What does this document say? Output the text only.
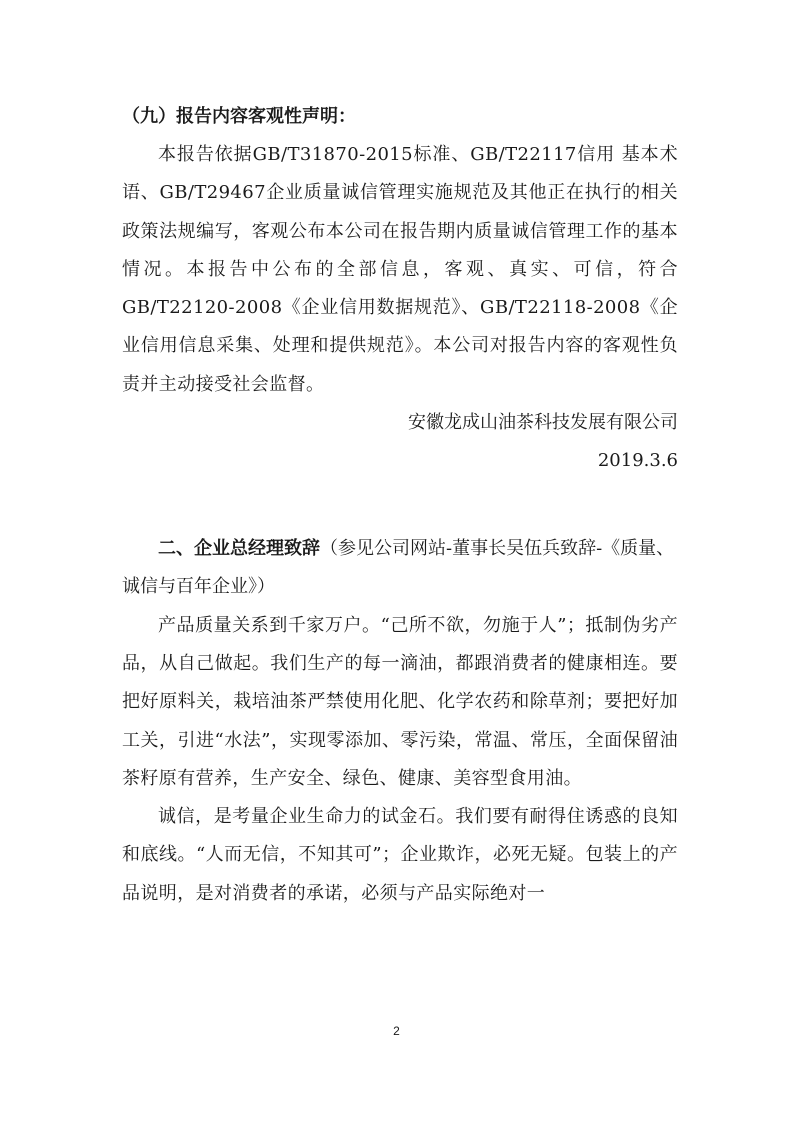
（九）报告内容客观性声明：

本报告依据GB/T31870-2015标准、GB/T22117信用 基本术语、GB/T29467企业质量诚信管理实施规范及其他正在执行的相关政策法规编写，客观公布本公司在报告期内质量诚信管理工作的基本情况。本报告中公布的全部信息，客观、真实、可信，符合GB/T22120-2008《企业信用数据规范》、GB/T22118-2008《企业信用信息采集、处理和提供规范》。本公司对报告内容的客观性负责并主动接受社会监督。

安徽龙成山油茶科技发展有限公司

2019.3.6

二、企业总经理致辞（参见公司网站-董事长吴伍兵致辞-《质量、诚信与百年企业》）

产品质量关系到千家万户。“己所不欲，勿施于人”；抵制伪劣产品，从自己做起。我们生产的每一滴油，都跟消费者的健康相连。要把好原料关，栽培油茶严禁使用化肥、化学农药和除草剂；要把好加工关，引进“水法”，实现零添加、零污染，常温、常压，全面保留油茶籽原有营养，生产安全、绿色、健康、美容型食用油。

诚信，是考量企业生命力的试金石。我们要有耐得住诱惑的良知和底线。“人而无信，不知其可”；企业欺诈，必死无疑。包装上的产品说明，是对消费者的承诺，必须与产品实际绝对一

2
